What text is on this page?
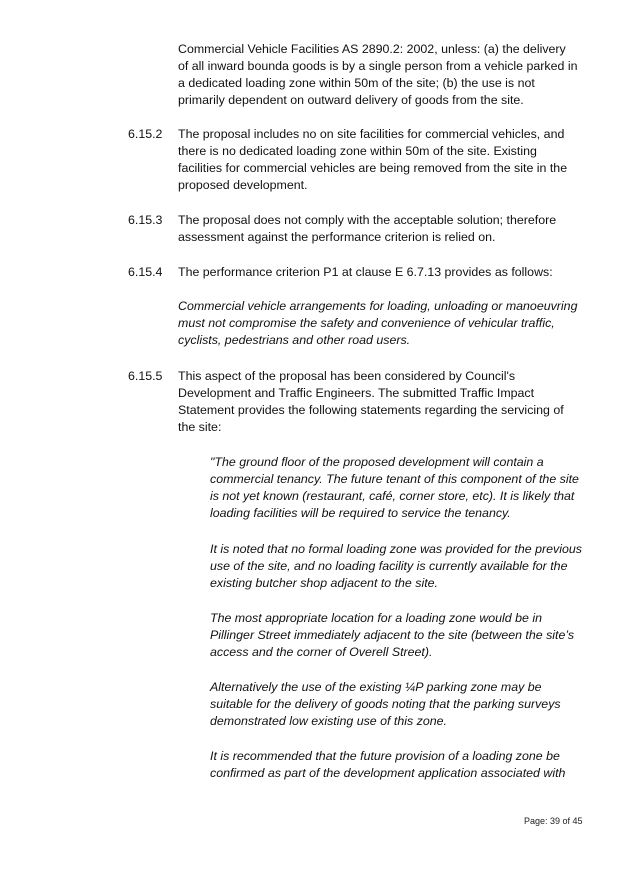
Commercial Vehicle Facilities AS 2890.2: 2002, unless: (a) the delivery of all inward bounda goods is by a single person from a vehicle parked in a dedicated loading zone within 50m of the site; (b) the use is not primarily dependent on outward delivery of goods from the site.

6.15.2 The proposal includes no on site facilities for commercial vehicles, and there is no dedicated loading zone within 50m of the site. Existing facilities for commercial vehicles are being removed from the site in the proposed development.

6.15.3 The proposal does not comply with the acceptable solution; therefore assessment against the performance criterion is relied on.

6.15.4 The performance criterion P1 at clause E 6.7.13 provides as follows:

Commercial vehicle arrangements for loading, unloading or manoeuvring must not compromise the safety and convenience of vehicular traffic, cyclists, pedestrians and other road users.

6.15.5 This aspect of the proposal has been considered by Council's Development and Traffic Engineers. The submitted Traffic Impact Statement provides the following statements regarding the servicing of the site:

"The ground floor of the proposed development will contain a commercial tenancy. The future tenant of this component of the site is not yet known (restaurant, café, corner store, etc). It is likely that loading facilities will be required to service the tenancy.

It is noted that no formal loading zone was provided for the previous use of the site, and no loading facility is currently available for the existing butcher shop adjacent to the site.

The most appropriate location for a loading zone would be in Pillinger Street immediately adjacent to the site (between the site’s access and the corner of Overell Street).

Alternatively the use of the existing ¼P parking zone may be suitable for the delivery of goods noting that the parking surveys demonstrated low existing use of this zone.

It is recommended that the future provision of a loading zone be confirmed as part of the development application associated with

Page: 39 of 45
